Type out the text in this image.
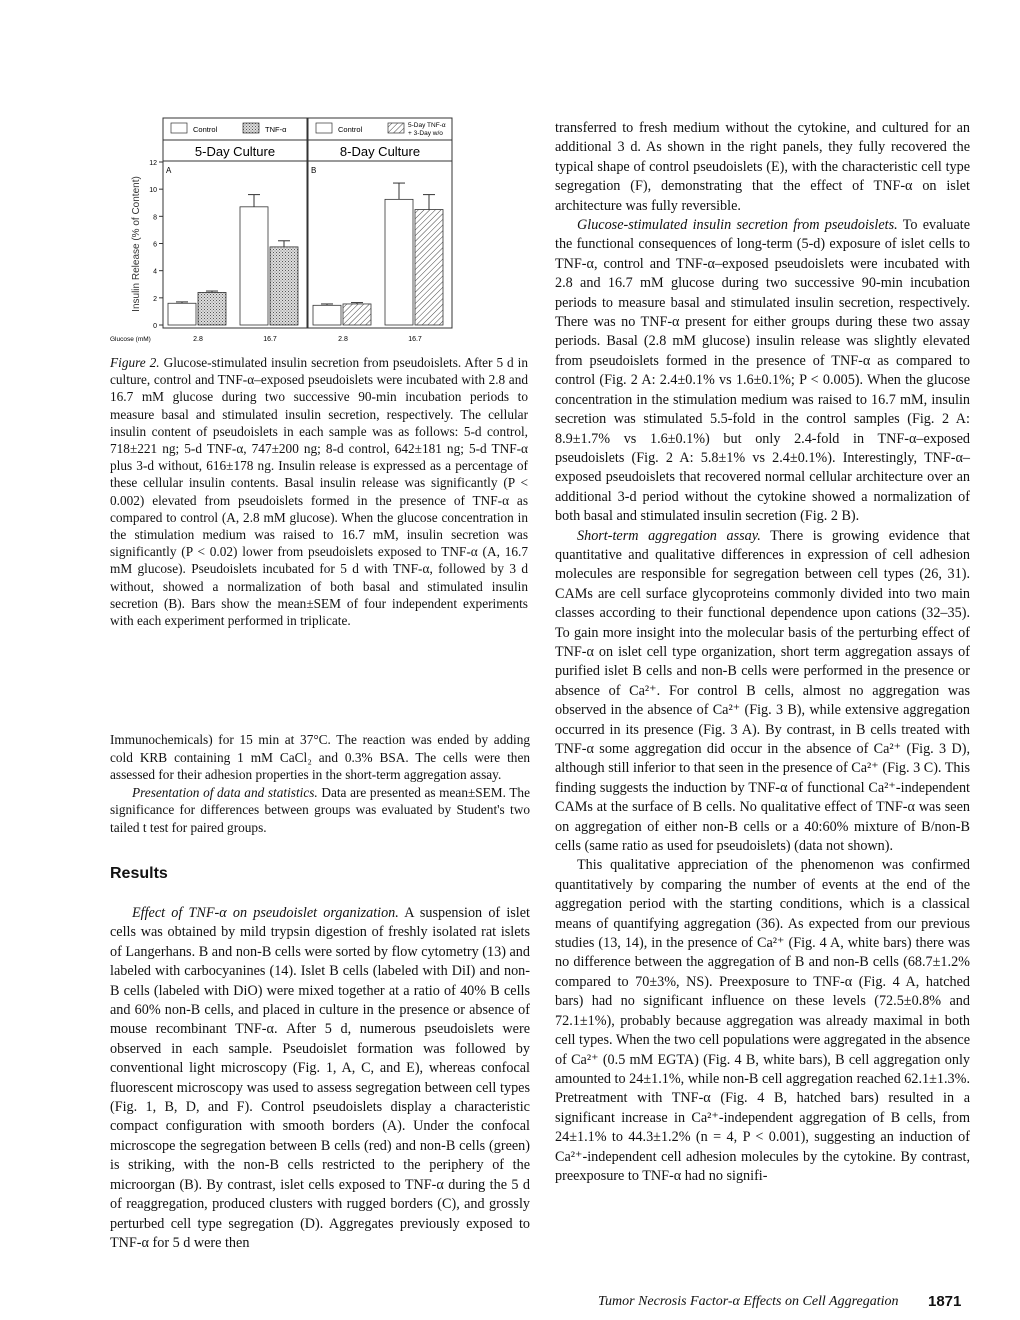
0
2
4
6
8
10
12
Insulin Release (% of Content)
Glucose (mM)
5-Day Culture
A
Control	TNF-α
2.8	16.7
8-Day Culture
B
Control	5-Day TNF-α
+ 3-Day w/o
2.8	16.7

Figure 2. Glucose-stimulated insulin secretion from pseudoislets. After 5 d in culture, control and TNF-α–exposed pseudoislets were incubated with 2.8 and 16.7 mM glucose during two successive 90-min incubation periods to measure basal and stimulated insulin secretion, respectively. The cellular insulin content of pseudoislets in each sample was as follows: 5-d control, 718±221 ng; 5-d TNF-α, 747±200 ng; 8-d control, 642±181 ng; 5-d TNF-α plus 3-d without, 616±178 ng. Insulin release is expressed as a percentage of these cellular insulin contents. Basal insulin release was significantly (P < 0.002) elevated from pseudoislets formed in the presence of TNF-α as compared to control (A, 2.8 mM glucose). When the glucose concentration in the stimulation medium was raised to 16.7 mM, insulin secretion was significantly (P < 0.02) lower from pseudoislets exposed to TNF-α (A, 16.7 mM glucose). Pseudoislets incubated for 5 d with TNF-α, followed by 3 d without, showed a normalization of both basal and stimulated insulin secretion (B). Bars show the mean±SEM of four independent experiments with each experiment performed in triplicate.

Immunochemicals) for 15 min at 37°C. The reaction was ended by adding cold KRB containing 1 mM CaCl₂ and 0.3% BSA. The cells were then assessed for their adhesion properties in the short-term aggregation assay.

Presentation of data and statistics. Data are presented as mean±SEM. The significance for differences between groups was evaluated by Student's two tailed t test for paired groups.

Results

Effect of TNF-α on pseudoislet organization. A suspension of islet cells was obtained by mild trypsin digestion of freshly isolated rat islets of Langerhans. B and non-B cells were sorted by flow cytometry (13) and labeled with carbocyanines (14). Islet B cells (labeled with DiI) and non-B cells (labeled with DiO) were mixed together at a ratio of 40% B cells and 60% non-B cells, and placed in culture in the presence or absence of mouse recombinant TNF-α. After 5 d, numerous pseudoislets were observed in each sample. Pseudoislet formation was followed by conventional light microscopy (Fig. 1, A, C, and E), whereas confocal fluorescent microscopy was used to assess segregation between cell types (Fig. 1, B, D, and F). Control pseudoislets display a characteristic compact configuration with smooth borders (A). Under the confocal microscope the segregation between B cells (red) and non-B cells (green) is striking, with the non-B cells restricted to the periphery of the microorgan (B). By contrast, islet cells exposed to TNF-α during the 5 d of reaggregation, produced clusters with rugged borders (C), and grossly perturbed cell type segregation (D). Aggregates previously exposed to TNF-α for 5 d were then

transferred to fresh medium without the cytokine, and cultured for an additional 3 d. As shown in the right panels, they fully recovered the typical shape of control pseudoislets (E), with the characteristic cell type segregation (F), demonstrating that the effect of TNF-α on islet architecture was fully reversible.

Glucose-stimulated insulin secretion from pseudoislets. To evaluate the functional consequences of long-term (5-d) exposure of islet cells to TNF-α, control and TNF-α–exposed pseudoislets were incubated with 2.8 and 16.7 mM glucose during two successive 90-min incubation periods to measure basal and stimulated insulin secretion, respectively. There was no TNF-α present for either groups during these two assay periods. Basal (2.8 mM glucose) insulin release was slightly elevated from pseudoislets formed in the presence of TNF-α as compared to control (Fig. 2 A: 2.4±0.1% vs 1.6±0.1%; P < 0.005). When the glucose concentration in the stimulation medium was raised to 16.7 mM, insulin secretion was stimulated 5.5-fold in the control samples (Fig. 2 A: 8.9±1.7% vs 1.6±0.1%) but only 2.4-fold in TNF-α–exposed pseudoislets (Fig. 2 A: 5.8±1% vs 2.4±0.1%). Interestingly, TNF-α–exposed pseudoislets that recovered normal cellular architecture over an additional 3-d period without the cytokine showed a normalization of both basal and stimulated insulin secretion (Fig. 2 B).

Short-term aggregation assay. There is growing evidence that quantitative and qualitative differences in expression of cell adhesion molecules are responsible for segregation between cell types (26, 31). CAMs are cell surface glycoproteins commonly divided into two main classes according to their functional dependence upon cations (32–35). To gain more insight into the molecular basis of the perturbing effect of TNF-α on islet cell type organization, short term aggregation assays of purified islet B cells and non-B cells were performed in the presence or absence of Ca²⁺. For control B cells, almost no aggregation was observed in the absence of Ca²⁺ (Fig. 3 B), while extensive aggregation occurred in its presence (Fig. 3 A). By contrast, in B cells treated with TNF-α some aggregation did occur in the absence of Ca²⁺ (Fig. 3 D), although still inferior to that seen in the presence of Ca²⁺ (Fig. 3 C). This finding suggests the induction by TNF-α of functional Ca²⁺-independent CAMs at the surface of B cells. No qualitative effect of TNF-α was seen on aggregation of either non-B cells or a 40:60% mixture of B/non-B cells (same ratio as used for pseudoislets) (data not shown).

This qualitative appreciation of the phenomenon was confirmed quantitatively by comparing the number of events at the end of the aggregation period with the starting conditions, which is a classical means of quantifying aggregation (36). As expected from our previous studies (13, 14), in the presence of Ca²⁺ (Fig. 4 A, white bars) there was no difference between the aggregation of B and non-B cells (68.7±1.2% compared to 70±3%, NS). Preexposure to TNF-α (Fig. 4 A, hatched bars) had no significant influence on these levels (72.5±0.8% and 72.1±1%), probably because aggregation was already maximal in both cell types. When the two cell populations were aggregated in the absence of Ca²⁺ (0.5 mM EGTA) (Fig. 4 B, white bars), B cell aggregation only amounted to 24±1.1%, while non-B cell aggregation reached 62.1±1.3%. Pretreatment with TNF-α (Fig. 4 B, hatched bars) resulted in a significant increase in Ca²⁺-independent aggregation of B cells, from 24±1.1% to 44.3±1.2% (n = 4, P < 0.001), suggesting an induction of Ca²⁺-independent cell adhesion molecules by the cytokine. By contrast, preexposure to TNF-α had no signifi-

Tumor Necrosis Factor-α Effects on Cell Aggregation 1871
